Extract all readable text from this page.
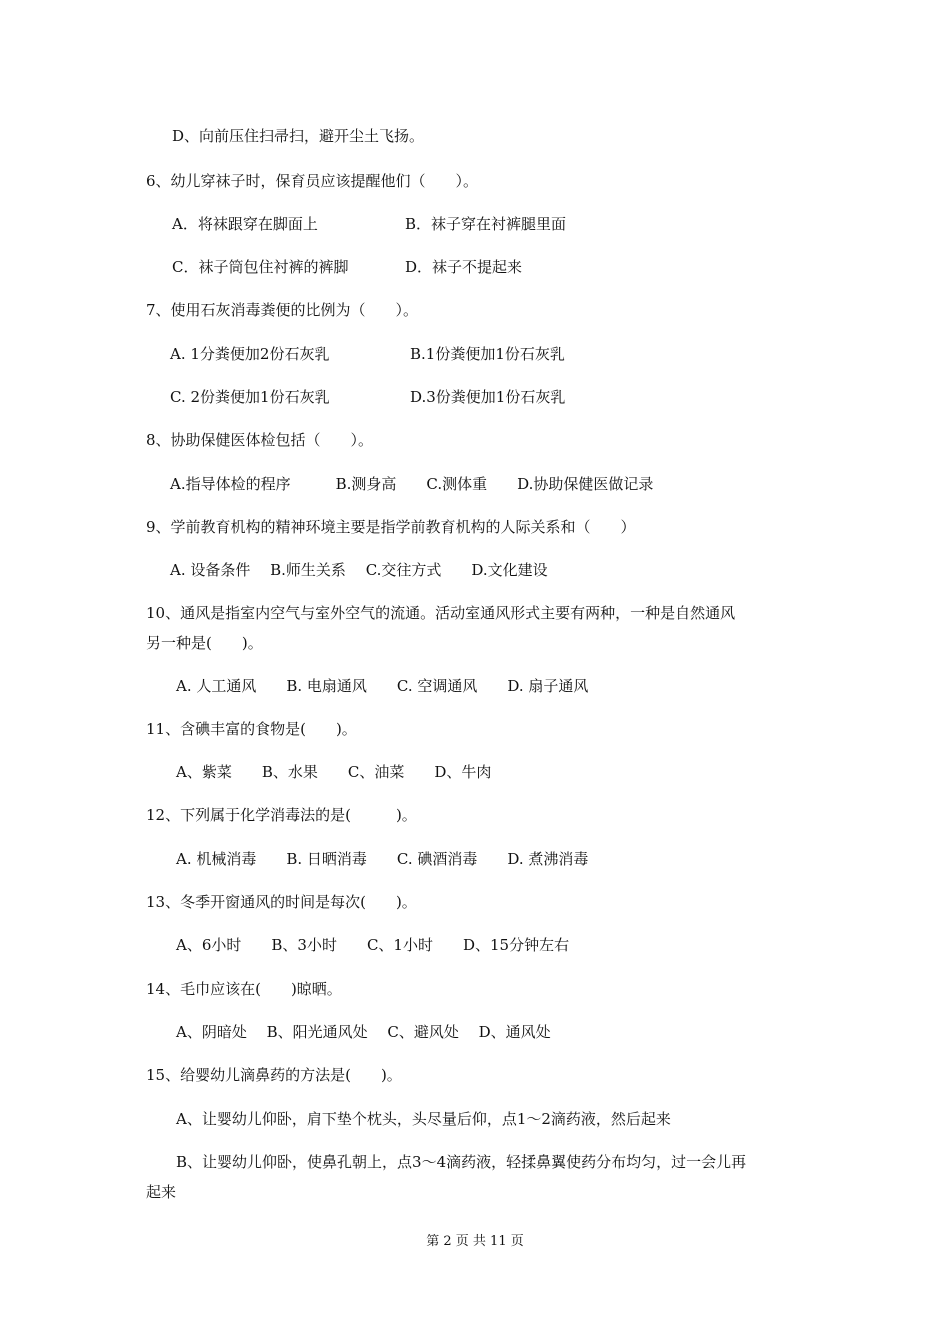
D、向前压住扫帚扫，避开尘土飞扬。
6、幼儿穿袜子时，保育员应该提醒他们（　　）。
A．将袜跟穿在脚面上	B．袜子穿在衬裤腿里面
C．袜子筒包住衬裤的裤脚	D．袜子不提起来
7、使用石灰消毒粪便的比例为（　　）。
A. 1分粪便加2份石灰乳	B.1份粪便加1份石灰乳
C. 2份粪便加1份石灰乳	D.3份粪便加1份石灰乳
8、协助保健医体检包括（　　）。
A.指导体检的程序　　　B.测身高　　C.测体重　　D.协助保健医做记录
9、学前教育机构的精神环境主要是指学前教育机构的人际关系和（　　）
A. 设备条件　 B.师生关系　 C.交往方式　　D.文化建设
10、通风是指室内空气与室外空气的流通。活动室通风形式主要有两种，一种是自然通风
另一种是(　　)。
A. 人工通风　　B. 电扇通风　　C. 空调通风　　D. 扇子通风
11、含碘丰富的食物是(　　)。
A、紫菜　　B、水果　　C、油菜　　D、牛肉
12、下列属于化学消毒法的是(　　　)。
A. 机械消毒　　B. 日晒消毒　　C. 碘酒消毒　　D. 煮沸消毒
13、冬季开窗通风的时间是每次(　　)。
A、6小时　　B、3小时　　C、1小时　　D、15分钟左右
14、毛巾应该在(　　)晾晒。
A、阴暗处　 B、阳光通风处　 C、避风处　 D、通风处
15、给婴幼儿滴鼻药的方法是(　　)。
A、让婴幼儿仰卧，肩下垫个枕头，头尽量后仰，点1～2滴药液，然后起来
B、让婴幼儿仰卧，使鼻孔朝上，点3～4滴药液，轻揉鼻翼使药分布均匀，过一会儿再
起来
第 2 页 共 11 页
